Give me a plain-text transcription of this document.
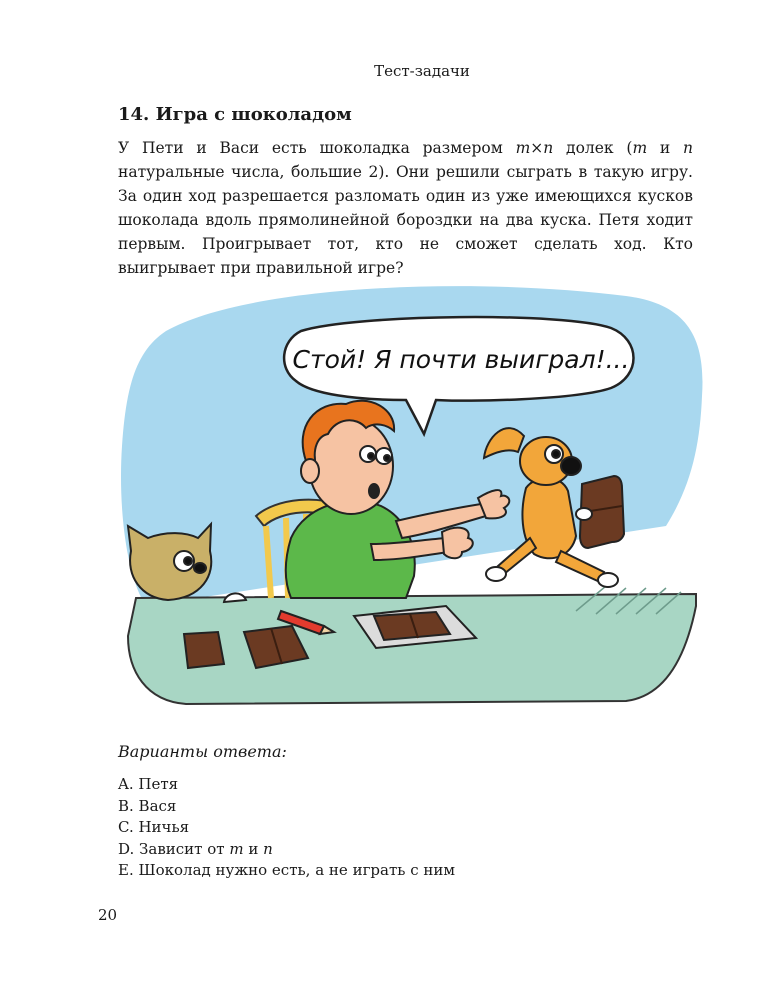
Тест-задачи
14. Игра с шоколадом

У Пети и Васи есть шоколадка размером m×n долек (m и n натуральные числа, большие 2). Они решили сыграть в такую игру. За один ход разрешается разломать один из уже имеющихся кусков шоколада вдоль прямолинейной бороздки на два куска. Петя ходит первым. Проигрывает тот, кто не сможет сделать ход. Кто выигрывает при правильной игре?

Стой! Я почти выиграл!...
Варианты ответа:
A. Петя
B. Вася
C. Ничья
D. Зависит от m и n
E. Шоколад нужно есть, а не играть с ним
20
